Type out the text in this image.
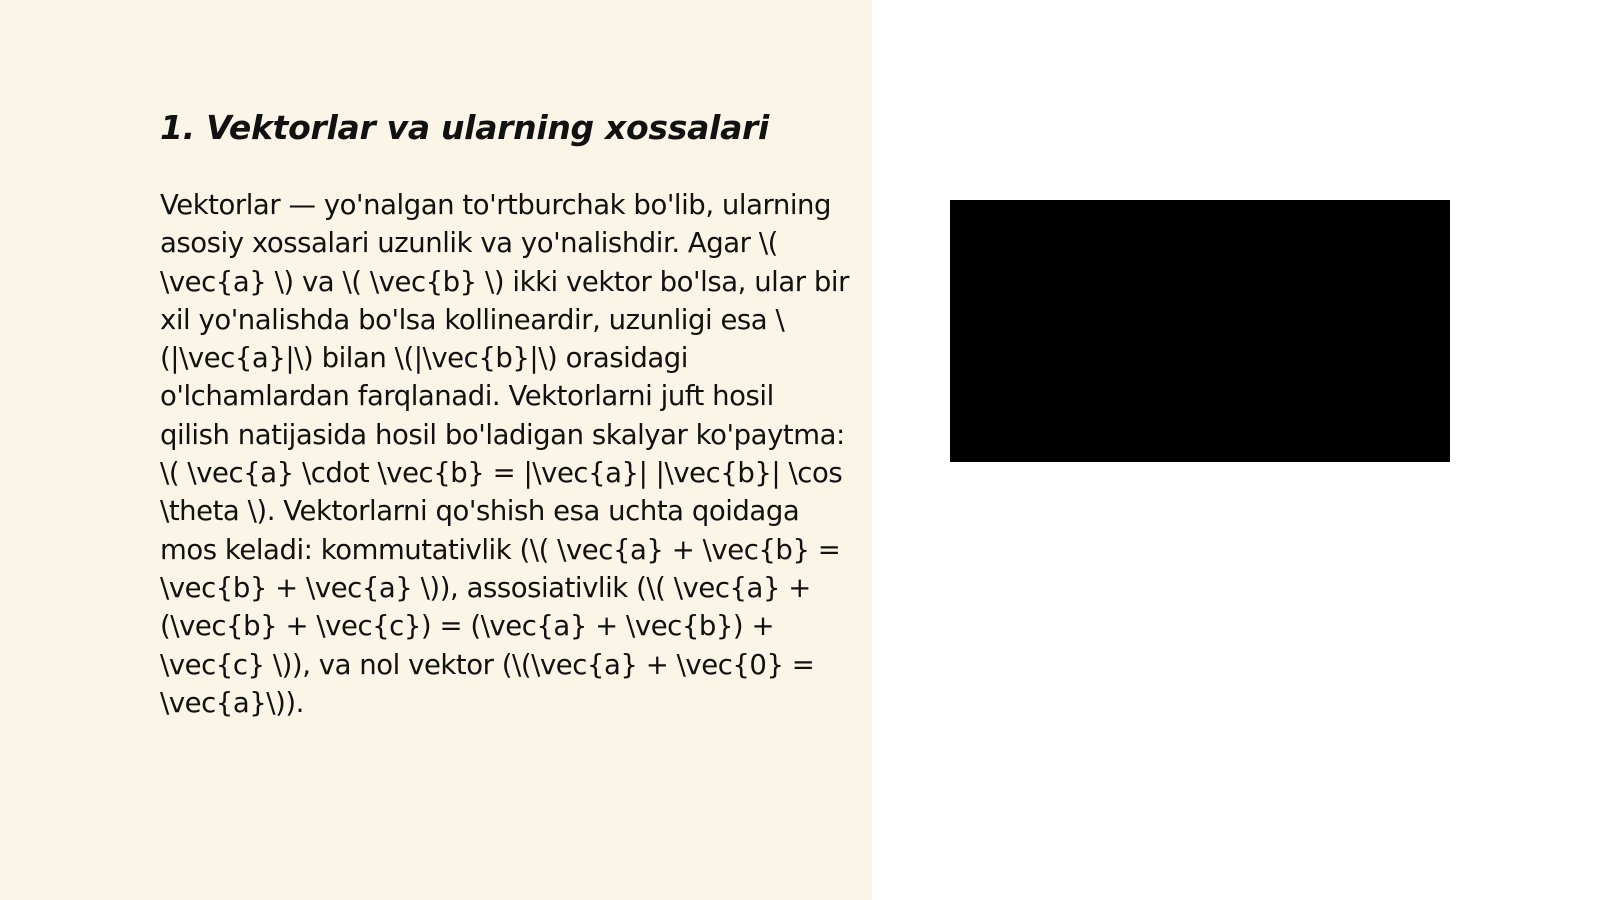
1. Vektorlar va ularning xossalari

Vektorlar — yo'nalgan to'rtburchak bo'lib, ularning asosiy xossalari uzunlik va yo'nalishdir. Agar \( \vec{a} \) va \( \vec{b} \) ikki vektor bo'lsa, ular bir xil yo'nalishda bo'lsa kollineardir, uzunligi esa \(|\vec{a}|\) bilan \(|\vec{b}|\) orasidagi o'lchamlardan farqlanadi. Vektorlarni juft hosil qilish natijasida hosil bo'ladigan skalyar ko'paytma: \( \vec{a} \cdot \vec{b} = |\vec{a}| |\vec{b}| \cos \theta \). Vektorlarni qo'shish esa uchta qoidaga mos keladi: kommutativlik (\( \vec{a} + \vec{b} = \vec{b} + \vec{a} \)), assosiativlik (\( \vec{a} + (\vec{b} + \vec{c}) = (\vec{a} + \vec{b}) + \vec{c} \)), va nol vektor (\(\vec{a} + \vec{0} = \vec{a}\)).
